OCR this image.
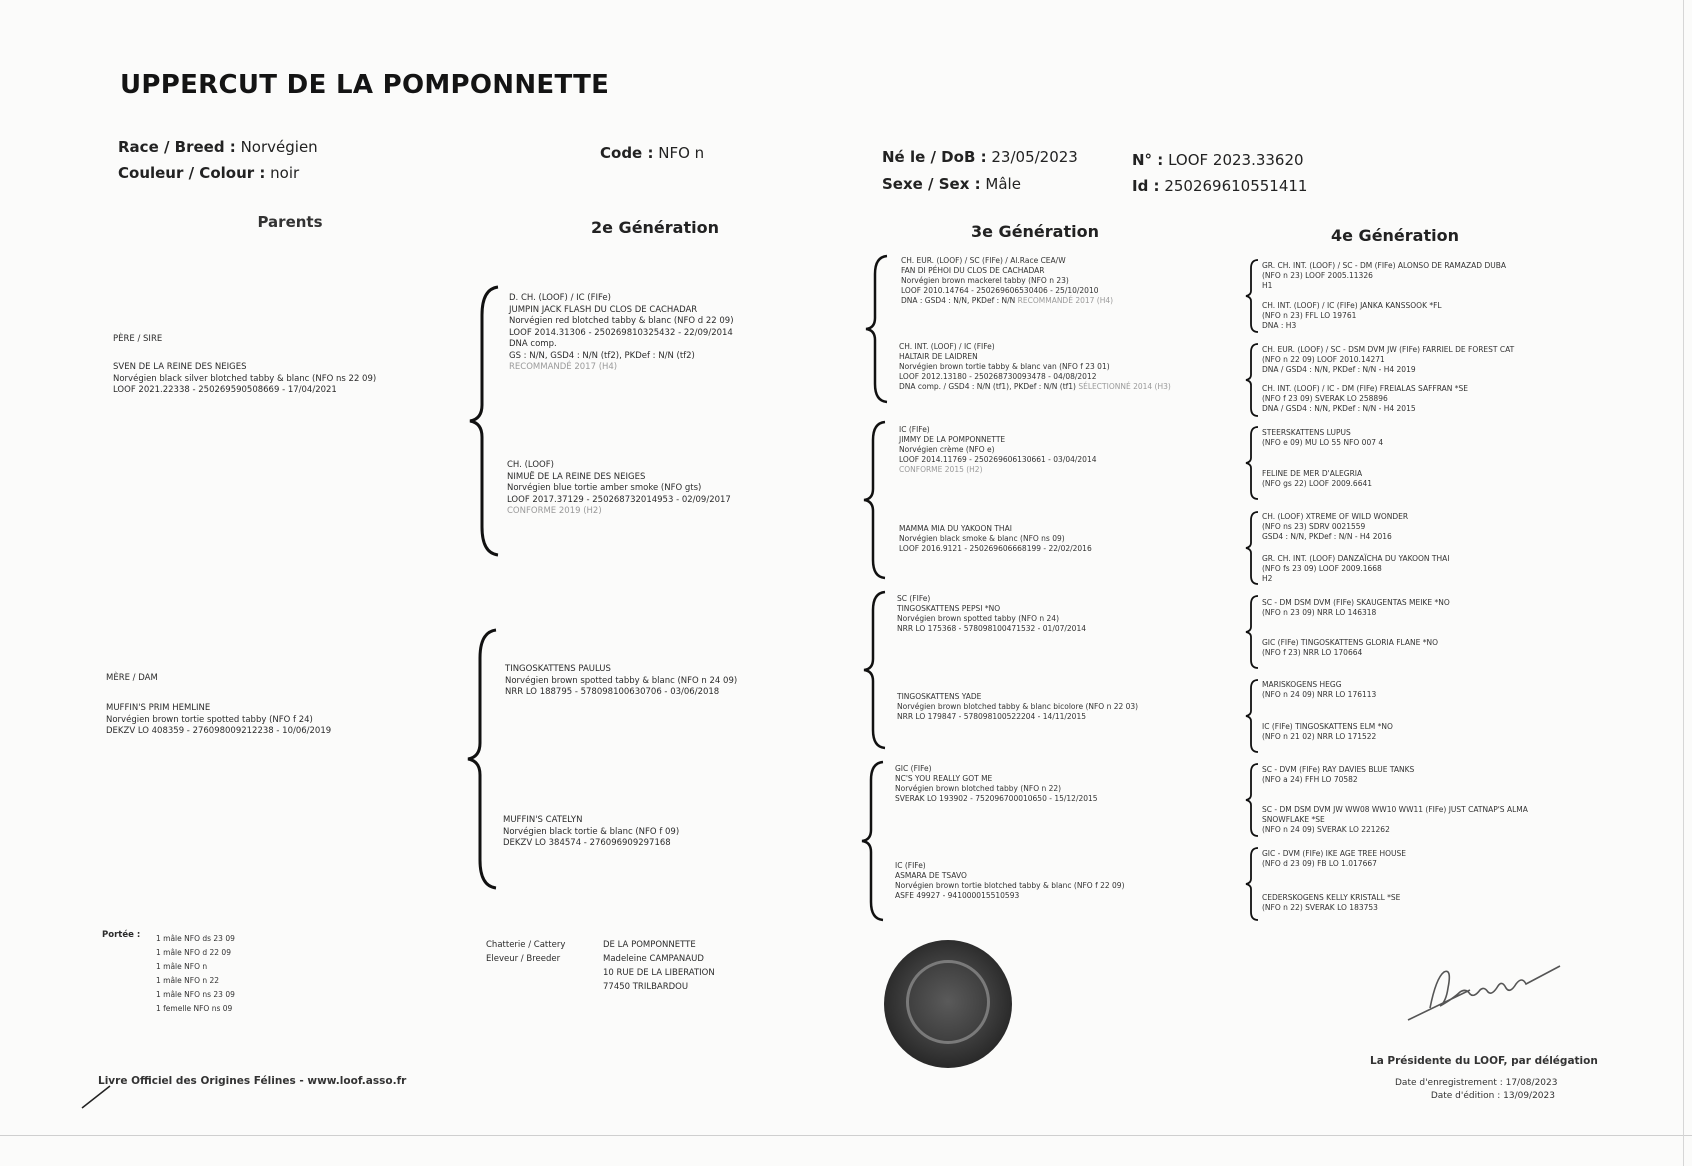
UPPERCUT DE LA POMPONNETTE
Race / Breed : Norvégien
Couleur / Colour : noir
Code : NFO n	Né le / DoB : 23/05/2023
Sexe / Sex : Mâle
N° : LOOF 2023.33620
Id : 250269610551411
Parents	2e Génération	3e Génération	4e Génération
PÈRE / SIRE
SVEN DE LA REINE DES NEIGES
Norvégien black silver blotched tabby & blanc (NFO ns 22 09)
LOOF 2021.22338 - 250269590508669 - 17/04/2021
MÈRE / DAM
MUFFIN'S PRIM HEMLINE
Norvégien brown tortie spotted tabby (NFO f 24)
DEKZV LO 408359 - 276098009212238 - 10/06/2019
D. CH. (LOOF) / IC (FIFe)
JUMPIN JACK FLASH DU CLOS DE CACHADAR
Norvégien red blotched tabby & blanc (NFO d 22 09)
LOOF 2014.31306 - 250269810325432 - 22/09/2014
DNA comp.
GS : N/N, GSD4 : N/N (tf2), PKDef : N/N (tf2)
RECOMMANDÉ 2017 (H4)
CH. (LOOF)
NIMUË DE LA REINE DES NEIGES
Norvégien blue tortie amber smoke (NFO gts)
LOOF 2017.37129 - 250268732014953 - 02/09/2017
CONFORME 2019 (H2)
TINGOSKATTENS PAULUS
Norvégien brown spotted tabby & blanc (NFO n 24 09)
NRR LO 188795 - 578098100630706 - 03/06/2018
MUFFIN'S CATELYN
Norvégien black tortie & blanc (NFO f 09)
DEKZV LO 384574 - 276096909297168
CH. EUR. (LOOF) / SC (FIFe) / Al.Race CEA/W
FAN DI PÉHOI DU CLOS DE CACHADAR
Norvégien brown mackerel tabby (NFO n 23)
LOOF 2010.14764 - 250269606530406 - 25/10/2010
DNA : GSD4 : N/N, PKDef : N/N RECOMMANDÉ 2017 (H4)
CH. INT. (LOOF) / IC (FIFe)
HALTAIR DE LAIDREN
Norvégien brown tortie tabby & blanc van (NFO f 23 01)
LOOF 2012.13180 - 250268730093478 - 04/08/2012
DNA comp. / GSD4 : N/N (tf1), PKDef : N/N (tf1) SÉLECTIONNÉ 2014 (H3)
IC (FIFe)
JIMMY DE LA POMPONNETTE
Norvégien crème (NFO e)
LOOF 2014.11769 - 250269606130661 - 03/04/2014
CONFORME 2015 (H2)
MAMMA MIA DU YAKOON THAI
Norvégien black smoke & blanc (NFO ns 09)
LOOF 2016.9121 - 250269606668199 - 22/02/2016
SC (FIFe)
TINGOSKATTENS PEPSI *NO
Norvégien brown spotted tabby (NFO n 24)
NRR LO 175368 - 578098100471532 - 01/07/2014
TINGOSKATTENS YADE
Norvégien brown blotched tabby & blanc bicolore (NFO n 22 03)
NRR LO 179847 - 578098100522204 - 14/11/2015
GIC (FIFe)
NC'S YOU REALLY GOT ME
Norvégien brown blotched tabby (NFO n 22)
SVERAK LO 193902 - 752096700010650 - 15/12/2015
IC (FIFe)
ASMARA DE TSAVO
Norvégien brown tortie blotched tabby & blanc (NFO f 22 09)
ASFE 49927 - 941000015510593
GR. CH. INT. (LOOF) / SC - DM (FIFe) ALONSO DE RAMAZAD DUBA
(NFO n 23) LOOF 2005.11326
H1
CH. INT. (LOOF) / IC (FIFe) JANKA KANSSOOK *FL
(NFO n 23) FFL LO 19761
DNA : H3
CH. EUR. (LOOF) / SC - DSM DVM JW (FIFe) FARRIEL DE FOREST CAT
(NFO n 22 09) LOOF 2010.14271
DNA / GSD4 : N/N, PKDef : N/N - H4 2019
CH. INT. (LOOF) / IC - DM (FIFe) FREIALAS SAFFRAN *SE
(NFO f 23 09) SVERAK LO 258896
DNA / GSD4 : N/N, PKDef : N/N - H4 2015
STEERSKATTENS LUPUS
(NFO e 09) MU LO 55 NFO 007 4
FELINE DE MER D'ALEGRIA
(NFO gs 22) LOOF 2009.6641
CH. (LOOF) XTREME OF WILD WONDER
(NFO ns 23) SDRV 0021559
GSD4 : N/N, PKDef : N/N - H4 2016
GR. CH. INT. (LOOF) DANZAÏCHA DU YAKOON THAI
(NFO fs 23 09) LOOF 2009.1668
H2
SC - DM DSM DVM (FIFe) SKAUGENTAS MEIKE *NO
(NFO n 23 09) NRR LO 146318
GIC (FIFe) TINGOSKATTENS GLORIA FLANE *NO
(NFO f 23) NRR LO 170664
MARISKOGENS HEGG
(NFO n 24 09) NRR LO 176113
IC (FIFe) TINGOSKATTENS ELM *NO
(NFO n 21 02) NRR LO 171522
SC - DVM (FIFe) RAY DAVIES BLUE TANKS
(NFO a 24) FFH LO 70582
SC - DM DSM DVM JW WW08 WW10 WW11 (FIFe) JUST CATNAP'S ALMA
SNOWFLAKE *SE
(NFO n 24 09) SVERAK LO 221262
GIC - DVM (FIFe) IKE AGE TREE HOUSE
(NFO d 23 09) FB LO 1.017667
CEDERSKOGENS KELLY KRISTALL *SE
(NFO n 22) SVERAK LO 183753
Portée : 1 mâle NFO ds 23 09
1 mâle NFO d 22 09
1 mâle NFO n
1 mâle NFO n 22
1 mâle NFO ns 23 09
1 femelle NFO ns 09
Chatterie / Cattery
Eleveur / Breeder
DE LA POMPONNETTE
Madeleine CAMPANAUD
10 RUE DE LA LIBERATION
77450 TRILBARDOU
Livre Officiel des Origines Félines - www.loof.asso.fr
La Présidente du LOOF, par délégation
Date d'enregistrement : 17/08/2023
Date d'édition : 13/09/2023
